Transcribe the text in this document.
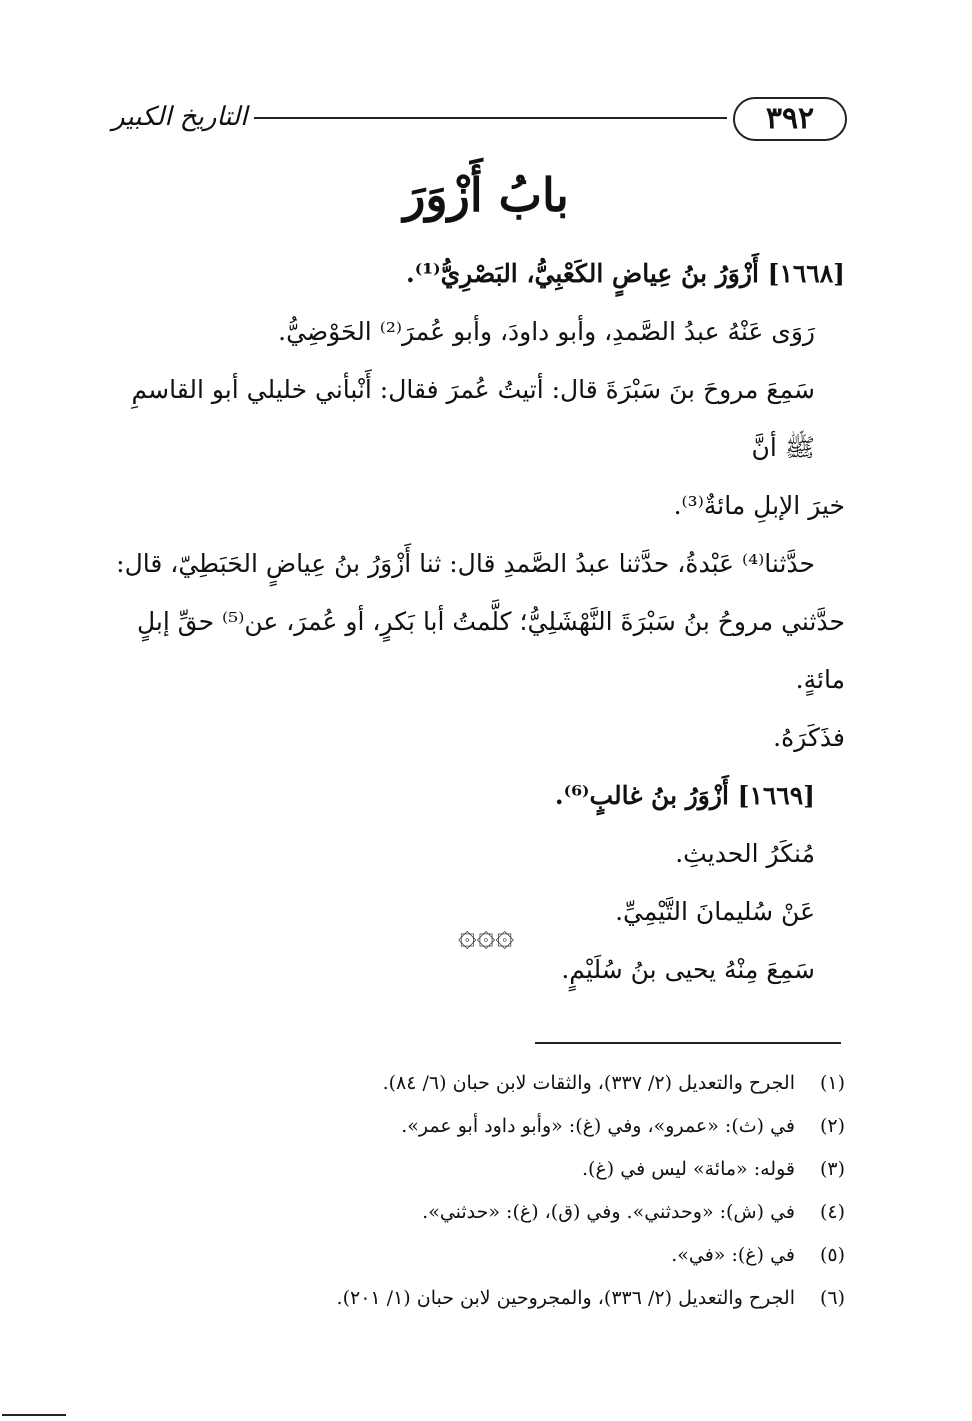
التاريخ الكبير	٣٩٢
بابُ أَزْوَرَ

[١٦٦٨] أَزْوَرُ بنُ عِياضٍ الكَعْبِيُّ، البَصْرِيُّ⁽¹⁾.

رَوَى عَنْهُ عبدُ الصَّمدِ، وأبو داودَ، وأبو عُمرَ⁽²⁾ الحَوْضِيُّ.

سَمِعَ مروحَ بنَ سَبْرَةَ قال: أتيتُ عُمرَ فقال: أَنْبأني خليلي أبو القاسمِ ﷺ أنَّ

خيرَ الإبلِ مائةٌ⁽³⁾.

حدَّثنا⁽⁴⁾ عَبْدةُ، حدَّثنا عبدُ الصَّمدِ قال: ثنا أَزْوَرُ بنُ عِياضٍ الحَبَطِيّ، قال:

حدَّثني مروحُ بنُ سَبْرَةَ النَّهْشَلِيُّ؛ كلَّمتُ أبا بَكرٍ، أو عُمرَ، عن⁽⁵⁾ حقِّ إبلٍ مائةٍ.

فذَكَرَهُ.

[١٦٦٩] أَزْوَرُ بنُ غالبٍ⁽⁶⁾.

مُنكَرُ الحديثِ.

عَنْ سُليمانَ التَّيْمِيِّ.

سَمِعَ مِنْهُ يحيى بنُ سُلَيْمٍ.

۞۞۞

(١)الجرح والتعديل (٢/ ٣٣٧)، والثقات لابن حبان (٦/ ٨٤).

(٢)في (ث): «عمرو»، وفي (غ): «وأبو داود أبو عمر».

(٣)قوله: «مائة» ليس في (غ).

(٤)في (ش): «وحدثني». وفي (ق)، (غ): «حدثني».

(٥)في (غ): «في».

(٦)الجرح والتعديل (٢/ ٣٣٦)، والمجروحين لابن حبان (١/ ٢٠١).
